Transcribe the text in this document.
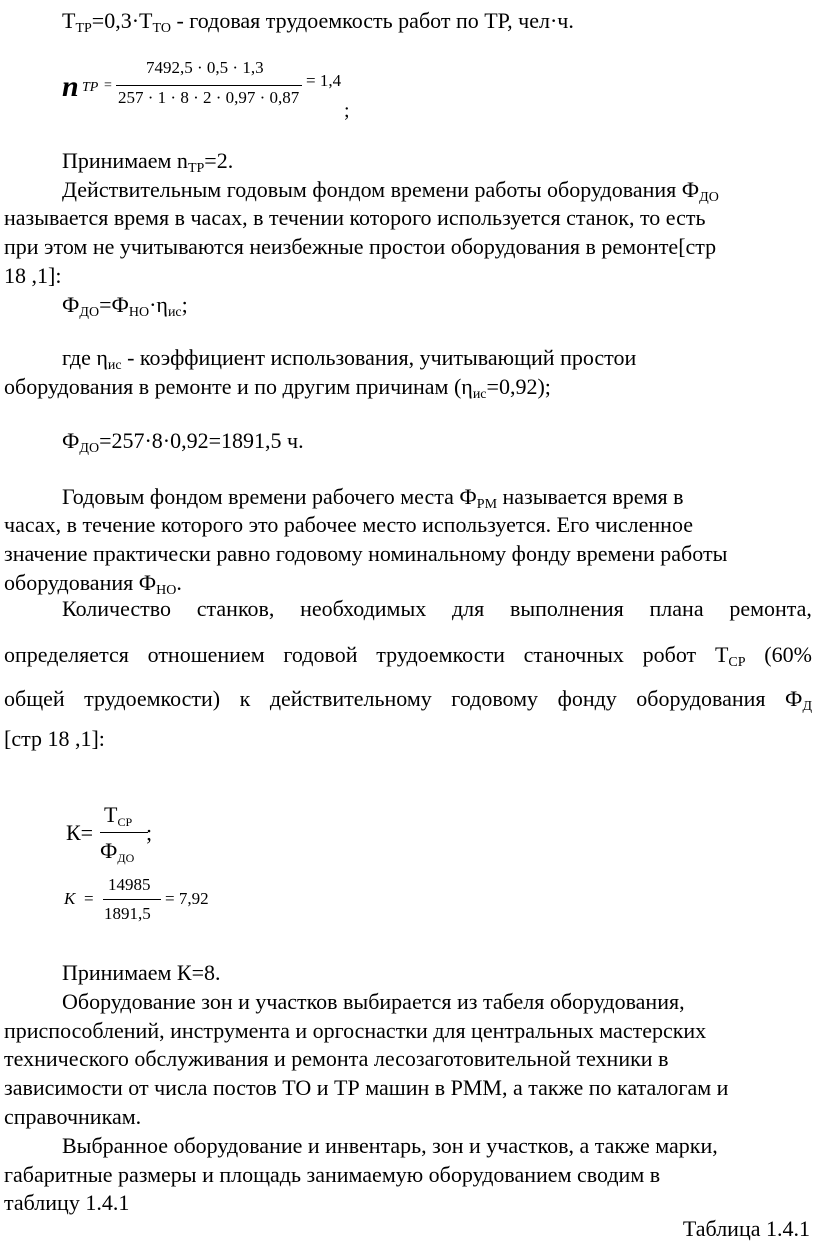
$Т_{ТР}=0,3\cdot Т_{ТО}$ - годовая трудоемкость работ по ТР, чел·ч.
n ТР =
7492,5 · 0,5 · 1,3
257 · 1 · 8 · 2 · 0,97 · 0,87
= 1,4
;
Принимаем $n_{ТР}=2$.
Действительным годовым фондом времени работы оборудования $Ф_{ДО}$
называется время в часах, в течении которого используется станок, то есть
при этом не учитываются неизбежные простои оборудования в ремонте[стр
18 ,1]:
$Ф_{ДО}=Ф_{НО}\cdot\eta_{ис}$;
где $\eta_{ис}$ - коэффициент использования, учитывающий простои
оборудования в ремонте и по другим причинам $(\eta_{ис}=0,92)$;
$Ф_{ДО}=257\cdot 8\cdot 0,92=1891,5$ ч.
Годовым фондом времени рабочего места $Ф_{РМ}$ называется время в
часах, в течение которого это рабочее место используется. Его численное
значение практически равно годовому номинальному фонду времени работы
оборудования $Ф_{НО}$.
Количество станков, необходимых для выполнения плана ремонта,
определяется отношением годовой трудоемкости станочных робот $Т_{СР}$ (60%
общей трудоемкости) к действительному годовому фонду оборудования $Ф_Д$
[стр 18 ,1]:
К=
$Т_{СР}$
$Ф_{ДО}$
;
K =
14985
1891,5
= 7,92
Принимаем К=8.
Оборудование зон и участков выбирается из табеля оборудования,
приспособлений, инструмента и оргоснастки для центральных мастерских
технического обслуживания и ремонта лесозаготовительной техники в
зависимости от числа постов ТО и ТР машин в РММ, а также по каталогам и
справочникам.
Выбранное оборудование и инвентарь, зон и участков, а также марки,
габаритные размеры и площадь занимаемую оборудованием сводим в
таблицу 1.4.1
Таблица 1.4.1
